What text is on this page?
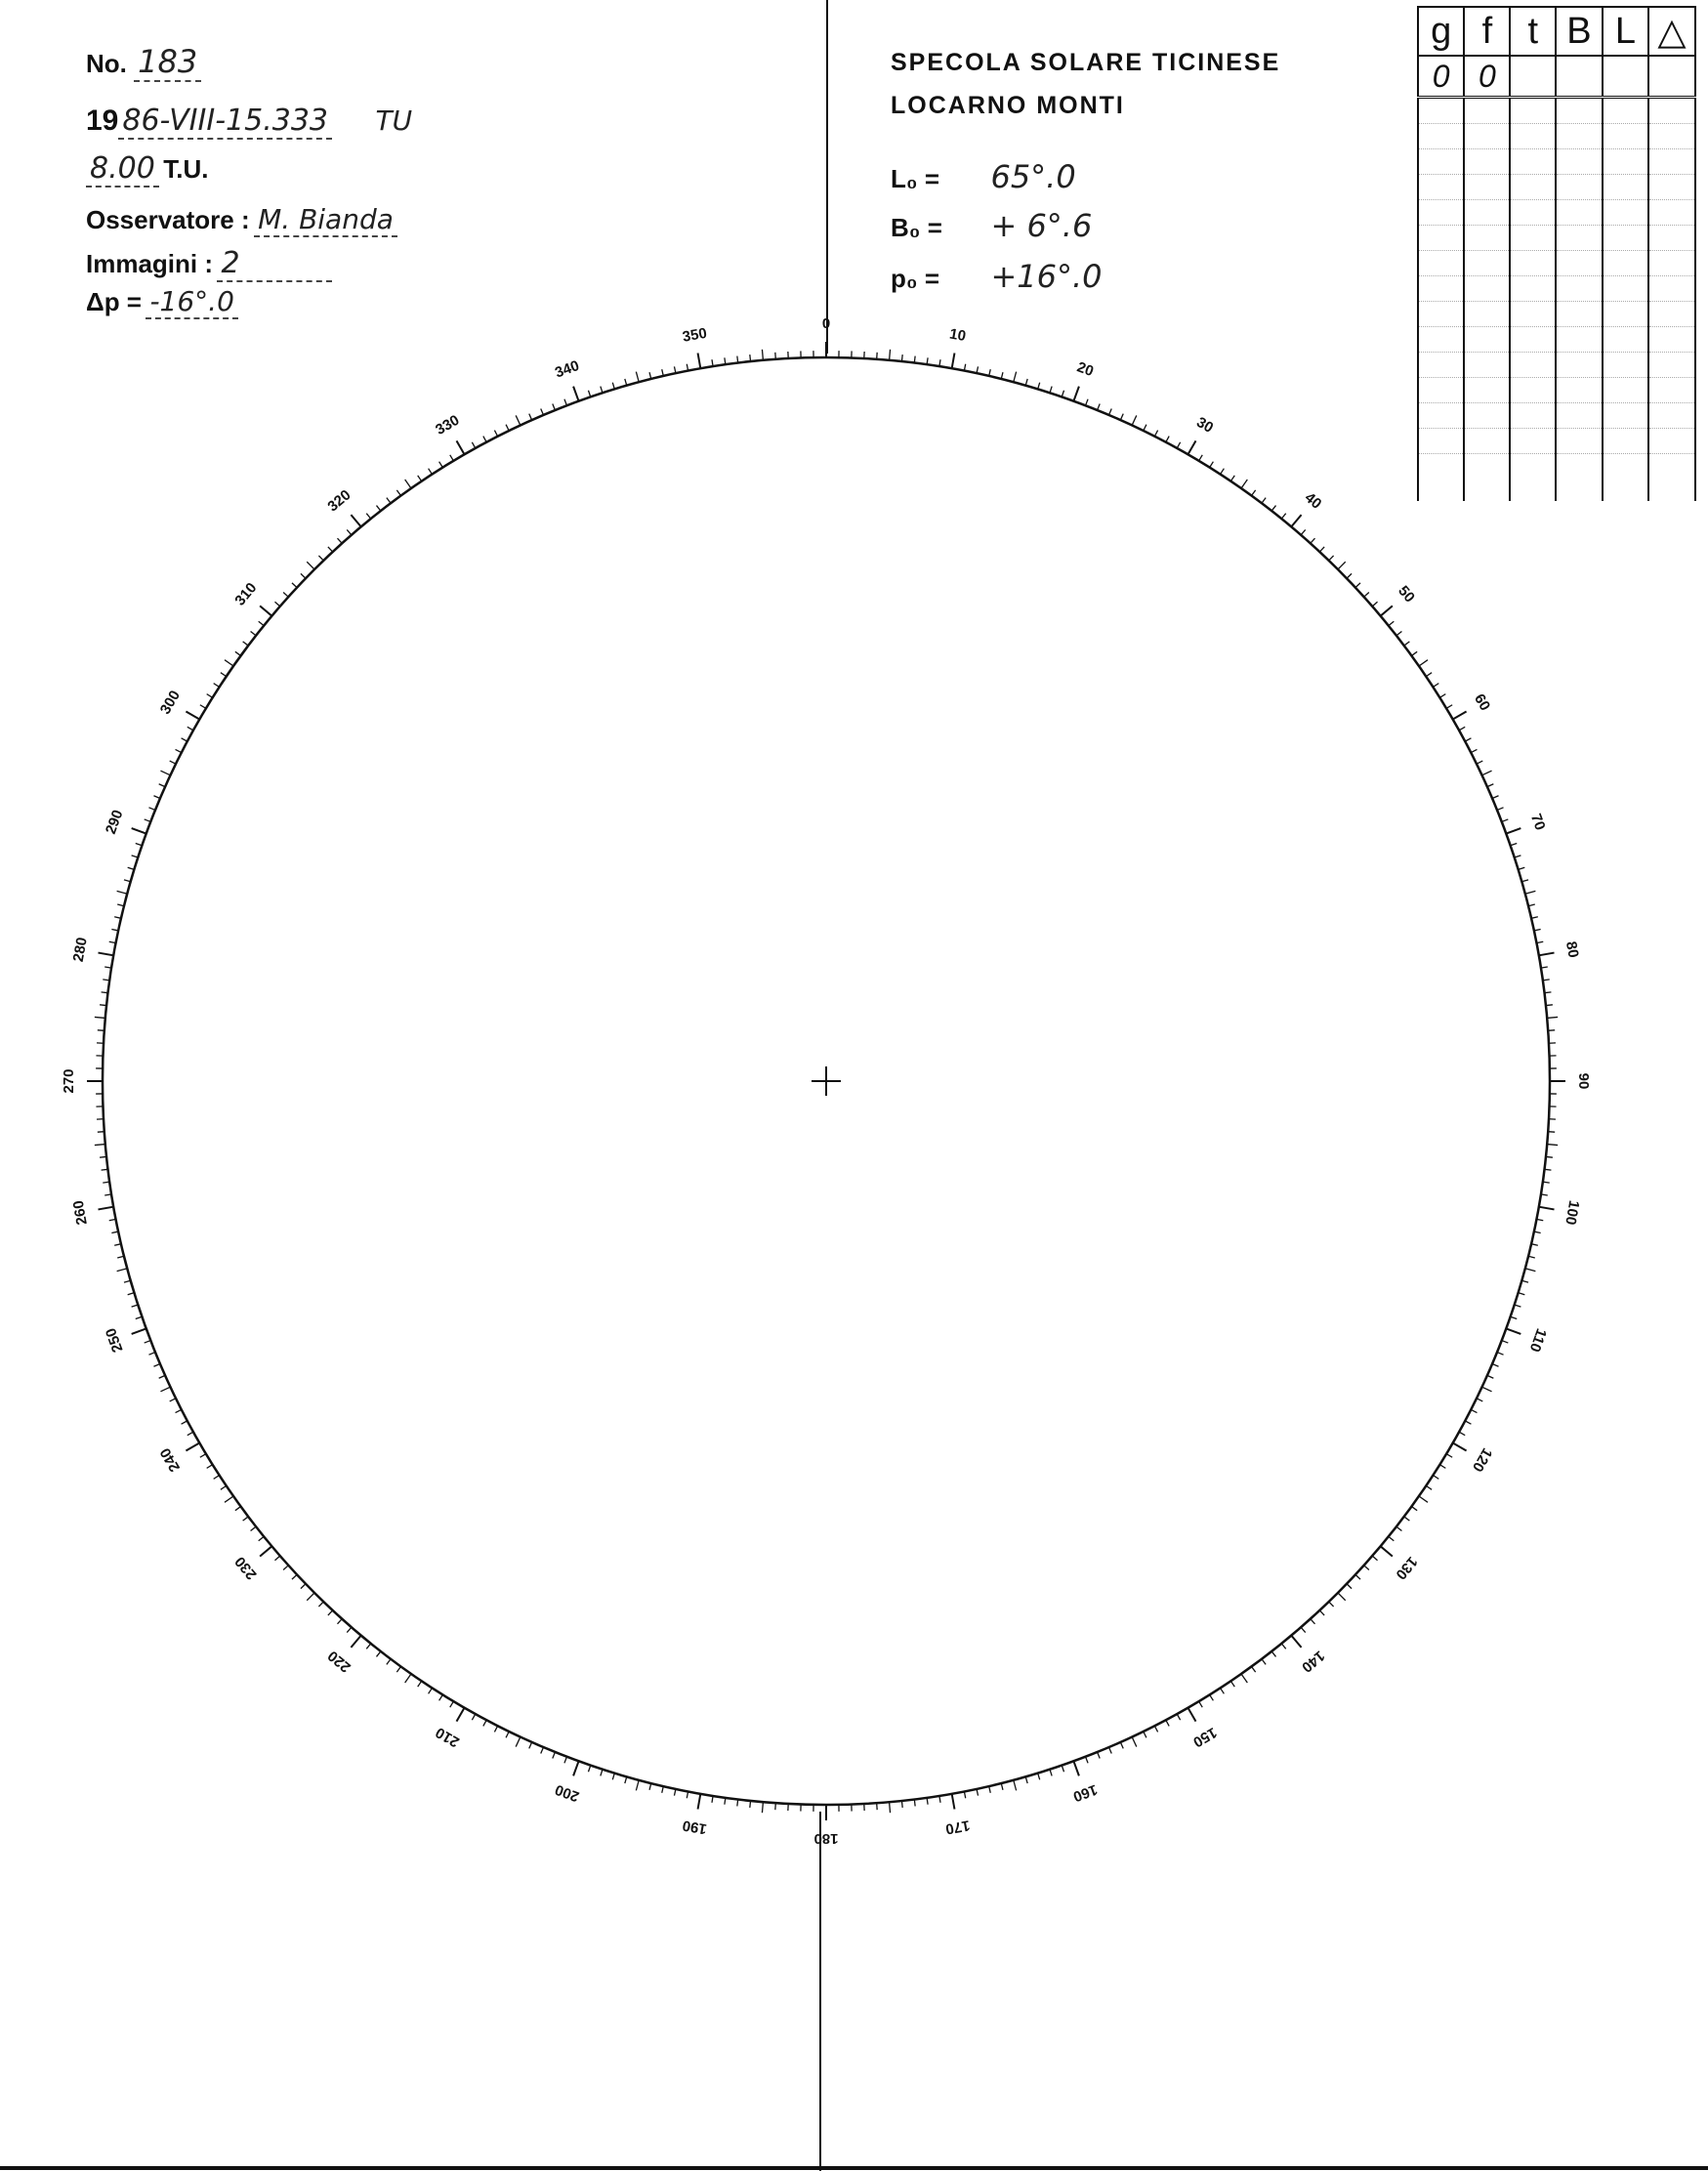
No. 183
19 86-VIII-15.333 TU
8.00 T.U.
Osservatore : M. Bianda
Immagini : 2
Δp = -16°.0
SPECOLA SOLARE TICINESE
LOCARNO MONTI
L₀ = 65°.0
B₀ = + 6°.6
p₀ = +16°.0
g	f	t	B	L	△
0	0				

0
10
20
30
40
50
60
70
80
90
100
110
120
130
140
150
160
170
180
190
200
210
220
230
240
250
260
270
280
290
300
310
320
330
340
350
